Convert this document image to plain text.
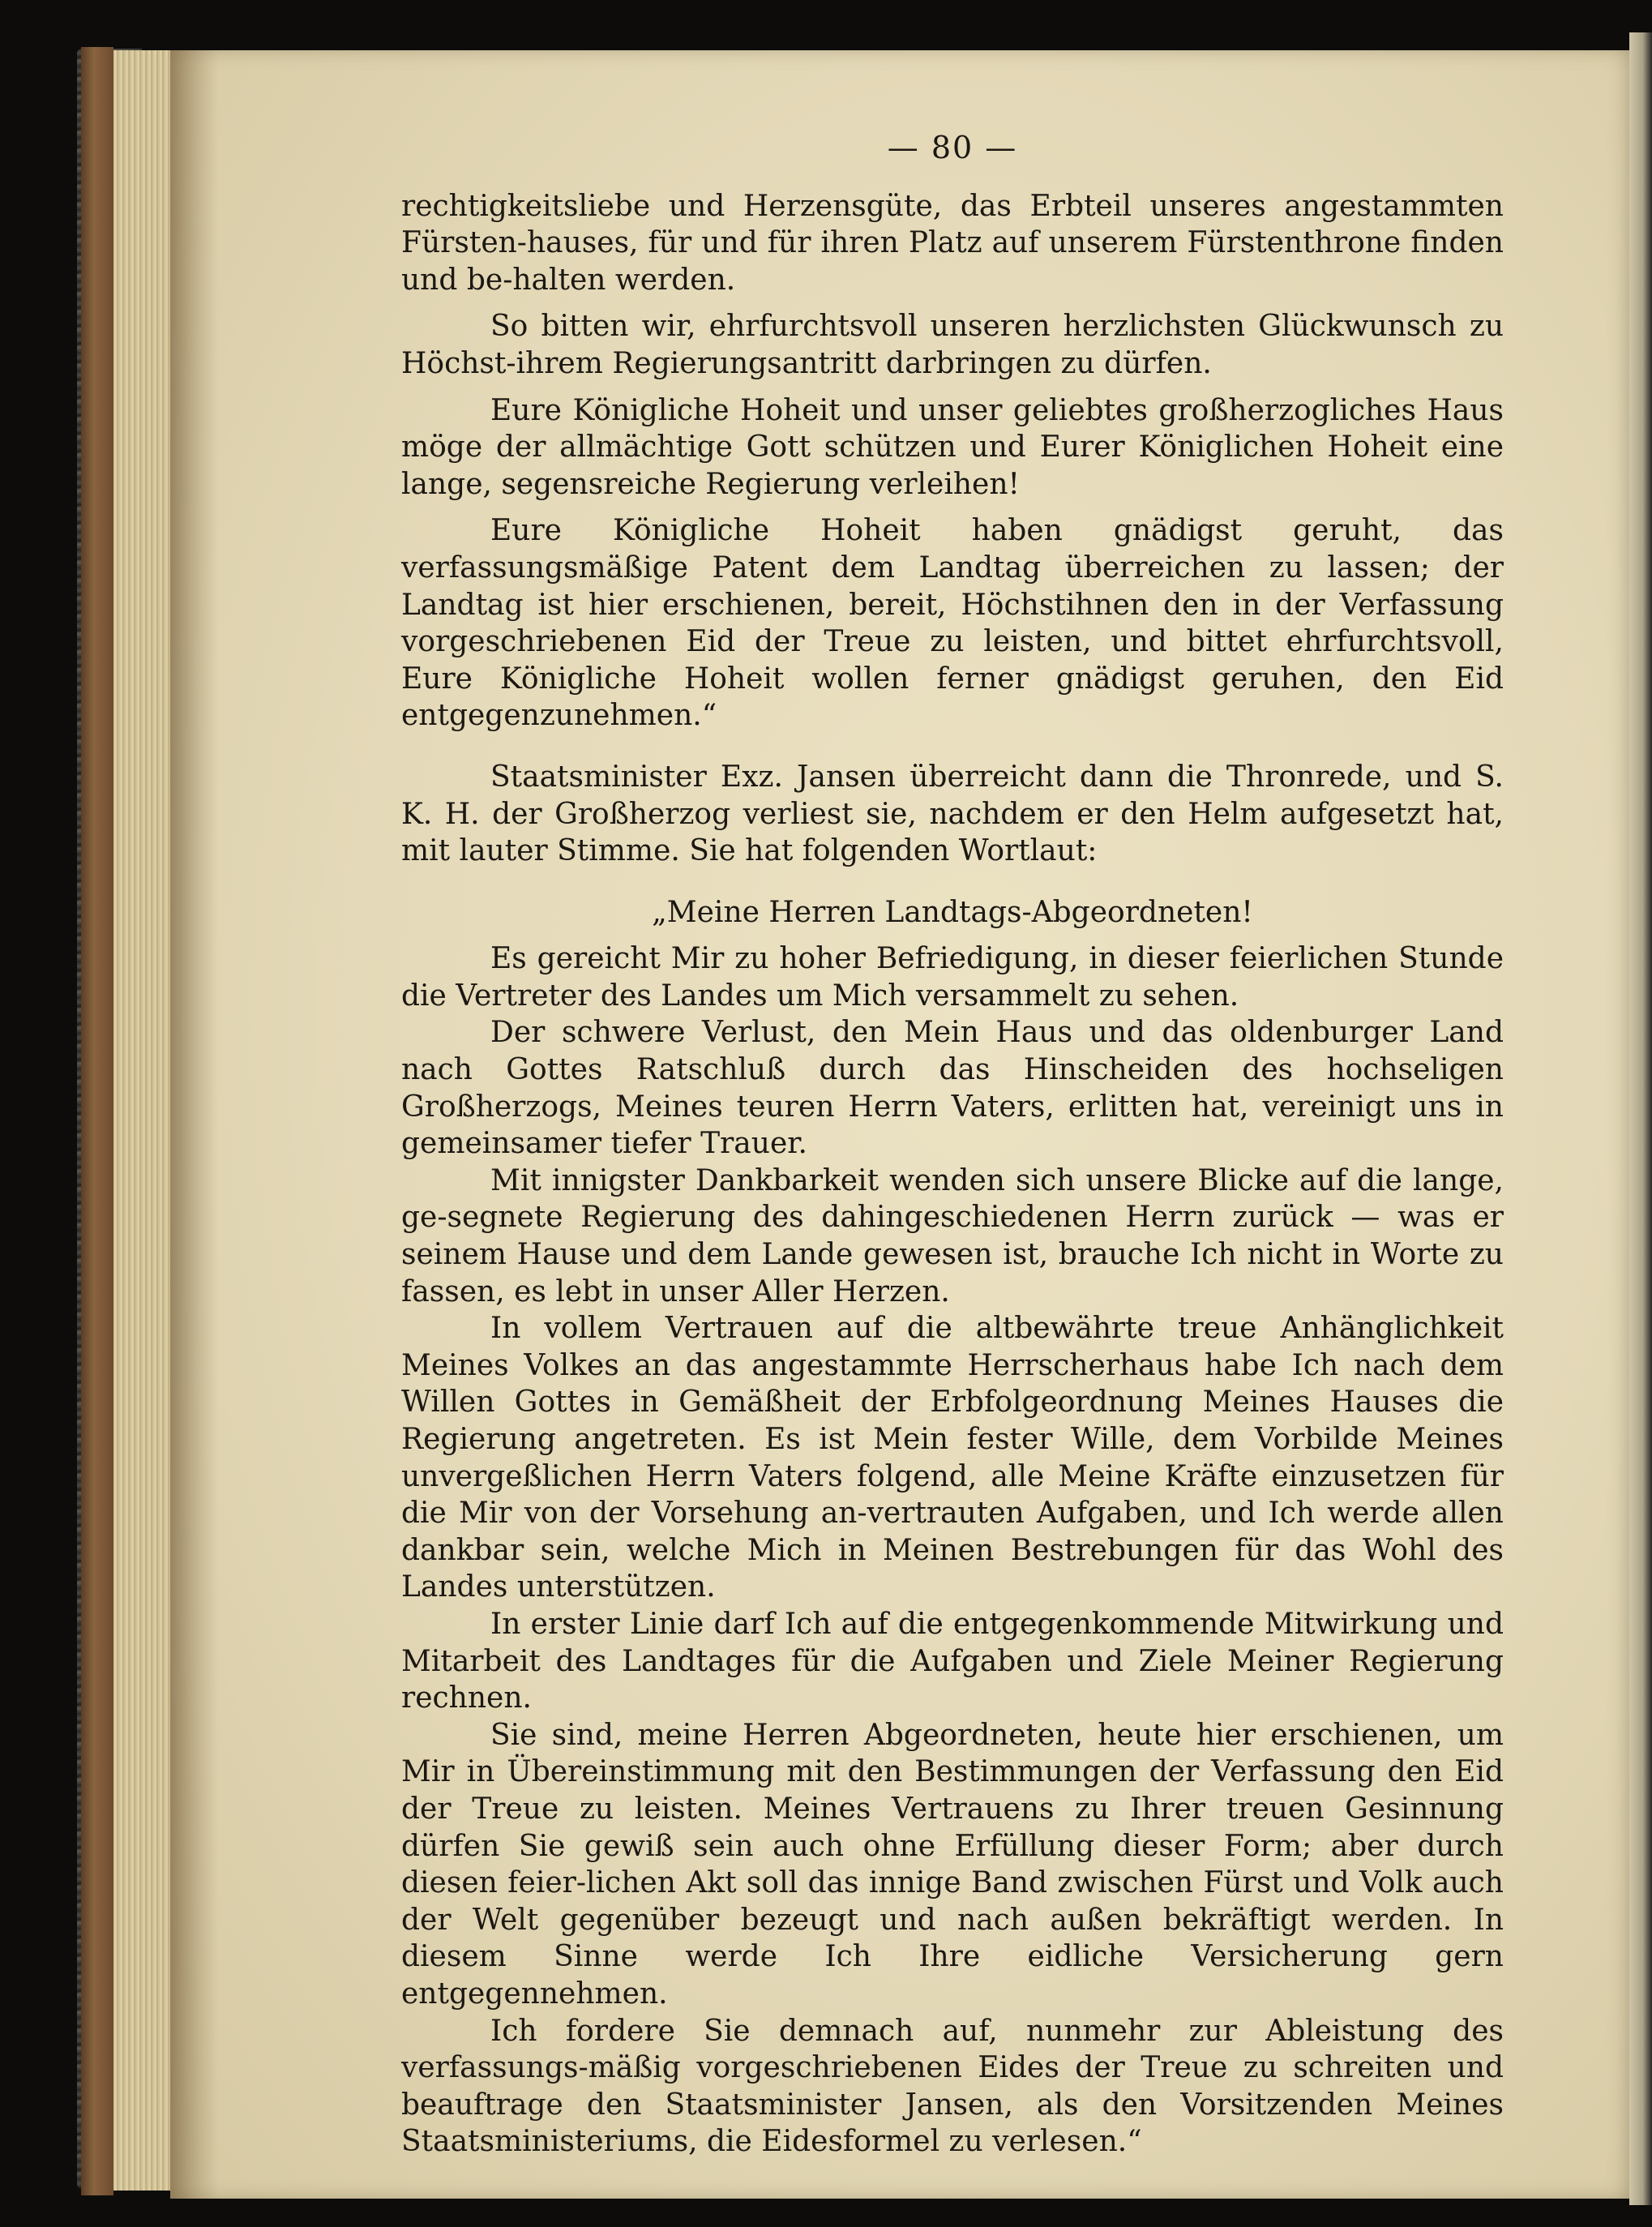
— 80 —

rechtigkeitsliebe und Herzensgüte, das Erbteil unseres angestammten Fürsten-hauses, für und für ihren Platz auf unserem Fürstenthrone finden und be-halten werden.

So bitten wir, ehrfurchtsvoll unseren herzlichsten Glückwunsch zu Höchst-ihrem Regierungsantritt darbringen zu dürfen.

Eure Königliche Hoheit und unser geliebtes großherzogliches Haus möge der allmächtige Gott schützen und Eurer Königlichen Hoheit eine lange, segensreiche Regierung verleihen!

Eure Königliche Hoheit haben gnädigst geruht, das verfassungsmäßige Patent dem Landtag überreichen zu lassen; der Landtag ist hier erschienen, bereit, Höchstihnen den in der Verfassung vorgeschriebenen Eid der Treue zu leisten, und bittet ehrfurchtsvoll, Eure Königliche Hoheit wollen ferner gnädigst geruhen, den Eid entgegenzunehmen.“

Staatsminister Exz. Jansen überreicht dann die Thronrede, und S. K. H. der Großherzog verliest sie, nachdem er den Helm aufgesetzt hat, mit lauter Stimme. Sie hat folgenden Wortlaut:

„Meine Herren Landtags-Abgeordneten!

Es gereicht Mir zu hoher Befriedigung, in dieser feierlichen Stunde die Vertreter des Landes um Mich versammelt zu sehen.

Der schwere Verlust, den Mein Haus und das oldenburger Land nach Gottes Ratschluß durch das Hinscheiden des hochseligen Großherzogs, Meines teuren Herrn Vaters, erlitten hat, vereinigt uns in gemeinsamer tiefer Trauer.

Mit innigster Dankbarkeit wenden sich unsere Blicke auf die lange, ge-segnete Regierung des dahingeschiedenen Herrn zurück — was er seinem Hause und dem Lande gewesen ist, brauche Ich nicht in Worte zu fassen, es lebt in unser Aller Herzen.

In vollem Vertrauen auf die altbewährte treue Anhänglichkeit Meines Volkes an das angestammte Herrscherhaus habe Ich nach dem Willen Gottes in Gemäßheit der Erbfolgeordnung Meines Hauses die Regierung angetreten. Es ist Mein fester Wille, dem Vorbilde Meines unvergeßlichen Herrn Vaters folgend, alle Meine Kräfte einzusetzen für die Mir von der Vorsehung an-vertrauten Aufgaben, und Ich werde allen dankbar sein, welche Mich in Meinen Bestrebungen für das Wohl des Landes unterstützen.

In erster Linie darf Ich auf die entgegenkommende Mitwirkung und Mitarbeit des Landtages für die Aufgaben und Ziele Meiner Regierung rechnen.

Sie sind, meine Herren Abgeordneten, heute hier erschienen, um Mir in Übereinstimmung mit den Bestimmungen der Verfassung den Eid der Treue zu leisten. Meines Vertrauens zu Ihrer treuen Gesinnung dürfen Sie gewiß sein auch ohne Erfüllung dieser Form; aber durch diesen feier-lichen Akt soll das innige Band zwischen Fürst und Volk auch der Welt gegenüber bezeugt und nach außen bekräftigt werden. In diesem Sinne werde Ich Ihre eidliche Versicherung gern entgegennehmen.

Ich fordere Sie demnach auf, nunmehr zur Ableistung des verfassungs-mäßig vorgeschriebenen Eides der Treue zu schreiten und beauftrage den Staatsminister Jansen, als den Vorsitzenden Meines Staatsministeriums, die Eidesformel zu verlesen.“
